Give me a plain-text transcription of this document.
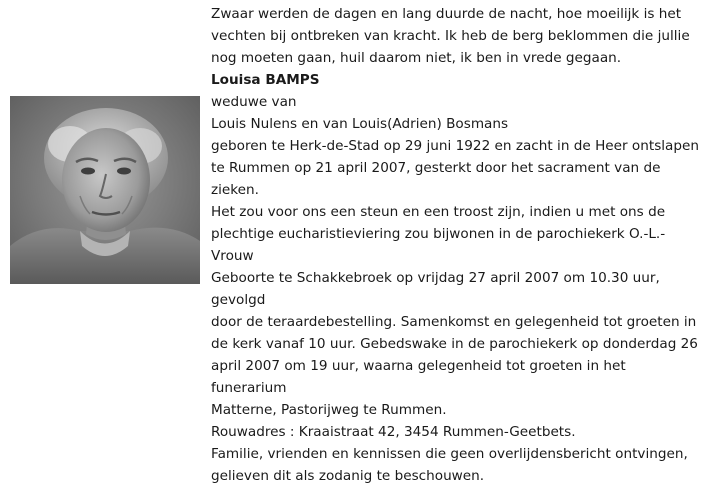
Zwaar werden de dagen en lang duurde de nacht, hoe moeilijk is het
vechten bij ontbreken van kracht. Ik heb de berg beklommen die jullie
nog moeten gaan, huil daarom niet, ik ben in vrede gegaan.

Louisa BAMPS

weduwe van

Louis Nulens en van Louis(Adrien) Bosmans

geboren te Herk-de-Stad op 29 juni 1922 en zacht in de Heer ontslapen
te Rummen op 21 april 2007, gesterkt door het sacrament van de zieken.

Het zou voor ons een steun en een troost zijn, indien u met ons de
plechtige eucharistieviering zou bijwonen in de parochiekerk O.-L.-Vrouw
Geboorte te Schakkebroek op vrijdag 27 april 2007 om 10.30 uur, gevolgd
door de teraardebestelling. Samenkomst en gelegenheid tot groeten in
de kerk vanaf 10 uur. Gebedswake in de parochiekerk op donderdag 26
april 2007 om 19 uur, waarna gelegenheid tot groeten in het funerarium
Matterne, Pastorijweg te Rummen.

Rouwadres : Kraaistraat 42, 3454 Rummen-Geetbets.

Familie, vrienden en kennissen die geen overlijdensbericht ontvingen,
gelieven dit als zodanig te beschouwen.
